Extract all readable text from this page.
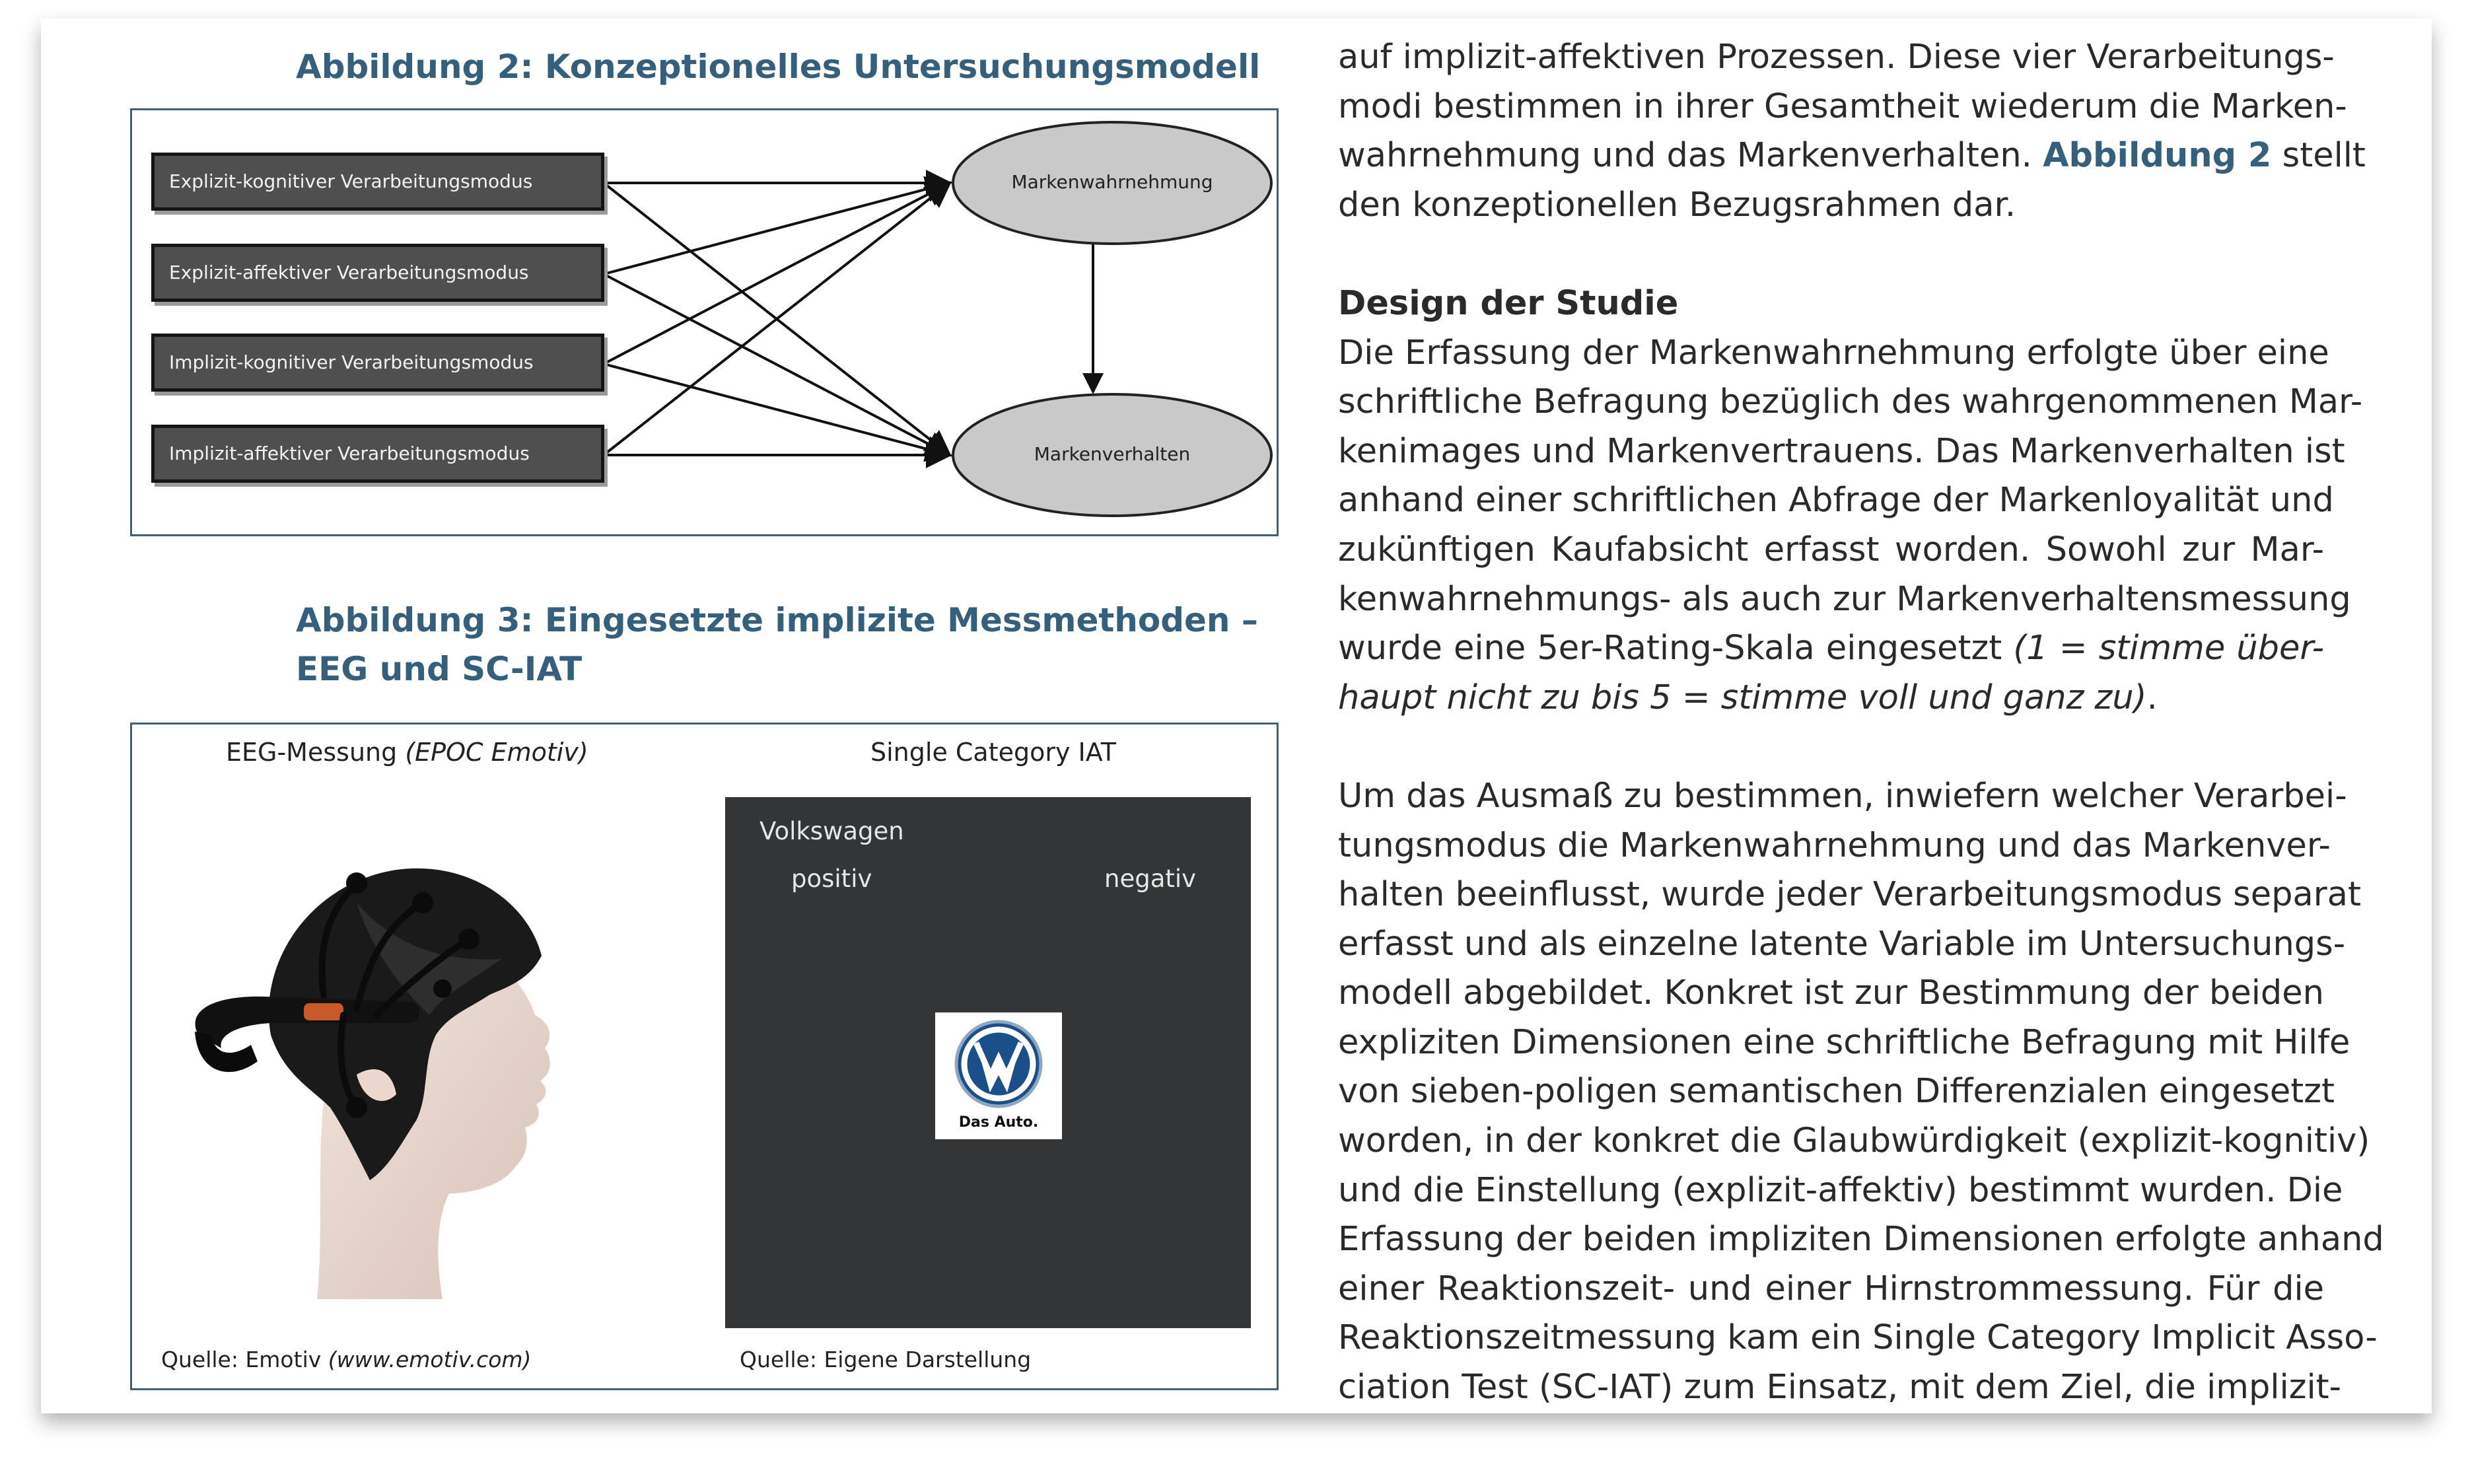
Abbildung 2: Konzeptionelles Untersuchungsmodell
Explizit-kognitiver Verarbeitungsmodus
Explizit-affektiver Verarbeitungsmodus
Implizit-kognitiver Verarbeitungsmodus
Implizit-affektiver Verarbeitungsmodus
Markenwahrnehmung
Markenverhalten
Abbildung 3: Eingesetzte implizite Messmethoden –
EEG und SC-IAT
EEG-Messung (EPOC Emotiv)
Quelle: Emotiv (www.emotiv.com)
Single Category IAT
Volkswagen
positiv	negativ
Das Auto.
Quelle: Eigene Darstellung
auf implizit-affektiven Prozessen. Diese vier Verarbeitungs-
modi bestimmen in ihrer Gesamtheit wiederum die Marken-
wahrnehmung und das Markenverhalten. Abbildung 2 stellt
den konzeptionellen Bezugsrahmen dar.
Design der Studie
Die Erfassung der Markenwahrnehmung erfolgte über eine
schriftliche Befragung bezüglich des wahrgenommenen Mar-
kenimages und Markenvertrauens. Das Markenverhalten ist
anhand einer schriftlichen Abfrage der Markenloyalität und
zukünftigen Kaufabsicht erfasst worden. Sowohl zur Mar-
kenwahrnehmungs- als auch zur Markenverhaltensmessung
wurde eine 5er-Rating-Skala eingesetzt (1 = stimme über-
haupt nicht zu bis 5 = stimme voll und ganz zu).
Um das Ausmaß zu bestimmen, inwiefern welcher Verarbei-
tungsmodus die Markenwahrnehmung und das Markenver-
halten beeinflusst, wurde jeder Verarbeitungsmodus separat
erfasst und als einzelne latente Variable im Untersuchungs-
modell abgebildet. Konkret ist zur Bestimmung der beiden
expliziten Dimensionen eine schriftliche Befragung mit Hilfe
von sieben-poligen semantischen Differenzialen eingesetzt
worden, in der konkret die Glaubwürdigkeit (explizit-kognitiv)
und die Einstellung (explizit-affektiv) bestimmt wurden. Die
Erfassung der beiden impliziten Dimensionen erfolgte anhand
einer Reaktionszeit- und einer Hirnstrommessung. Für die
Reaktionszeitmessung kam ein Single Category Implicit Asso-
ciation Test (SC-IAT) zum Einsatz, mit dem Ziel, die implizit-
